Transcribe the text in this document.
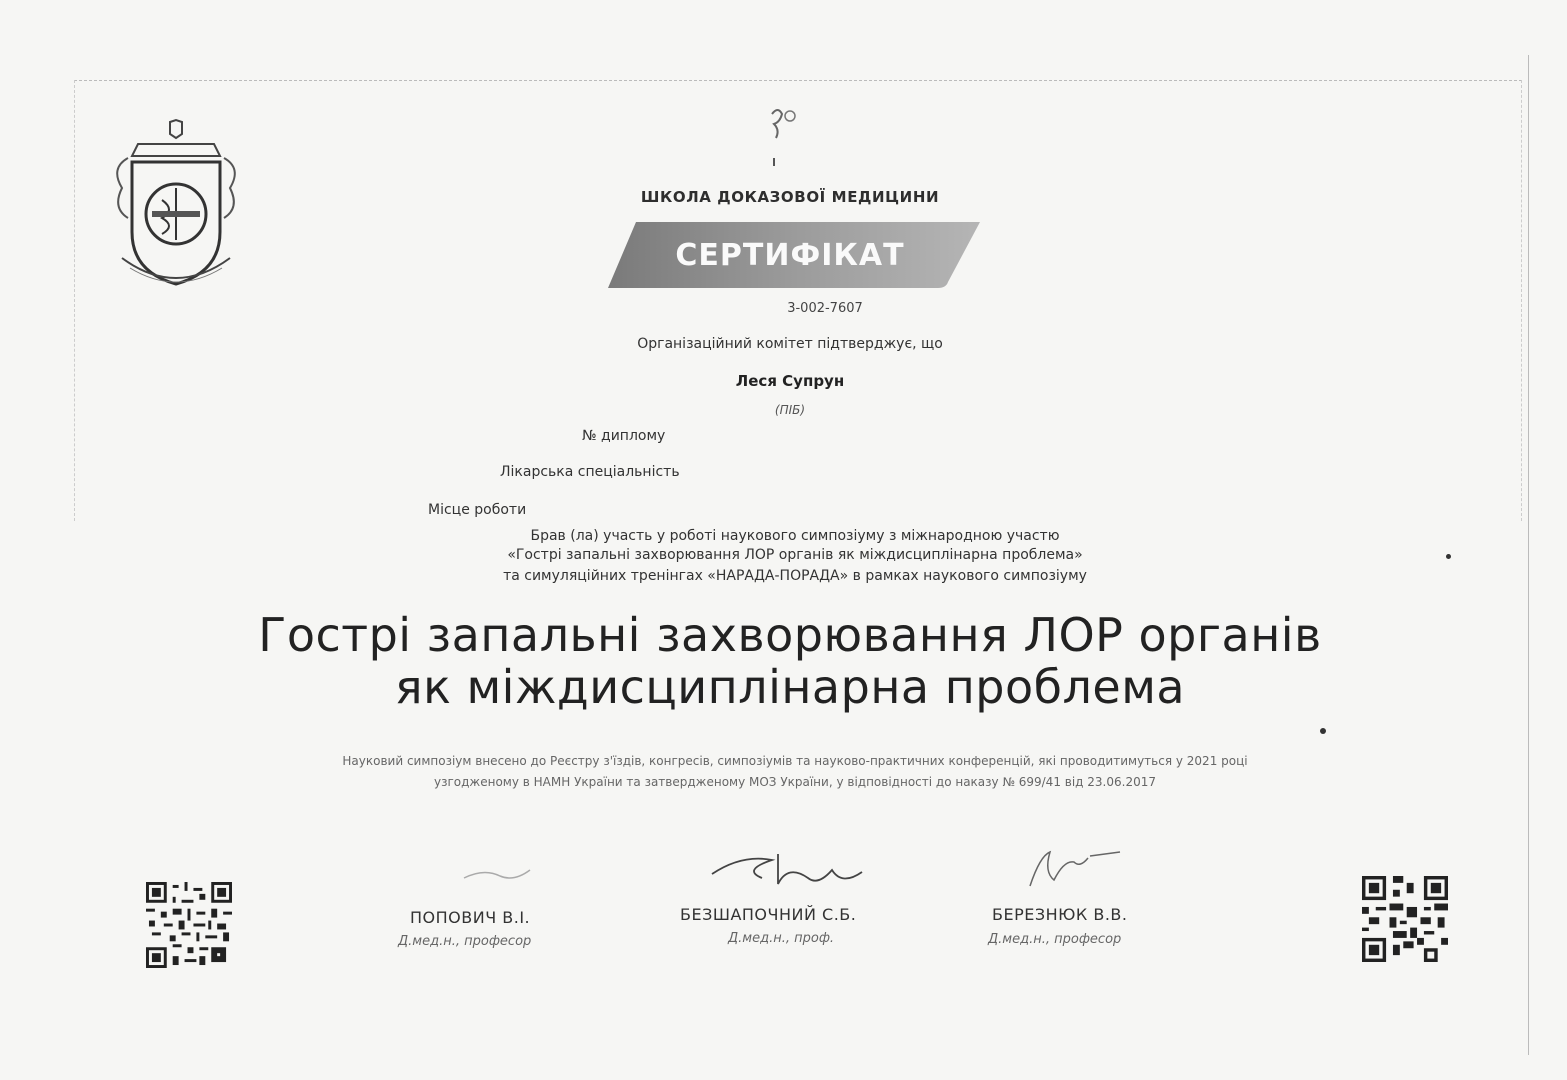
ШКОЛА ДОКАЗОВОЇ МЕДИЦИНИ
СЕРТИФІКАТ
3-002-7607
Організаційний комітет підтверджує, що
Леся Супрун
(ПІБ)
№ диплому
Лікарська спеціальність
Місце роботи
Брав (ла) участь у роботі наукового симпозіуму з міжнародною участю
«Гострі запальні захворювання ЛОР органів як міждисциплінарна проблема»
та симуляційних тренінгах «НАРАДА-ПОРАДА» в рамках наукового симпозіуму
Гострі запальні захворювання ЛОР органів
як міждисциплінарна проблема
Науковий симпозіум внесено до Реєстру з'їздів, конгресів, симпозіумів та науково-практичних конференцій, які проводитимуться у 2021 році
узгодженому в НАМН України та затвердженому МОЗ України, у відповідності до наказу № 699/41 від 23.06.2017
ПОПОВИЧ В.І.
Д.мед.н., професор
БЕЗШАПОЧНИЙ С.Б.
Д.мед.н., проф.
БЕРЕЗНЮК В.В.
Д.мед.н., професор
